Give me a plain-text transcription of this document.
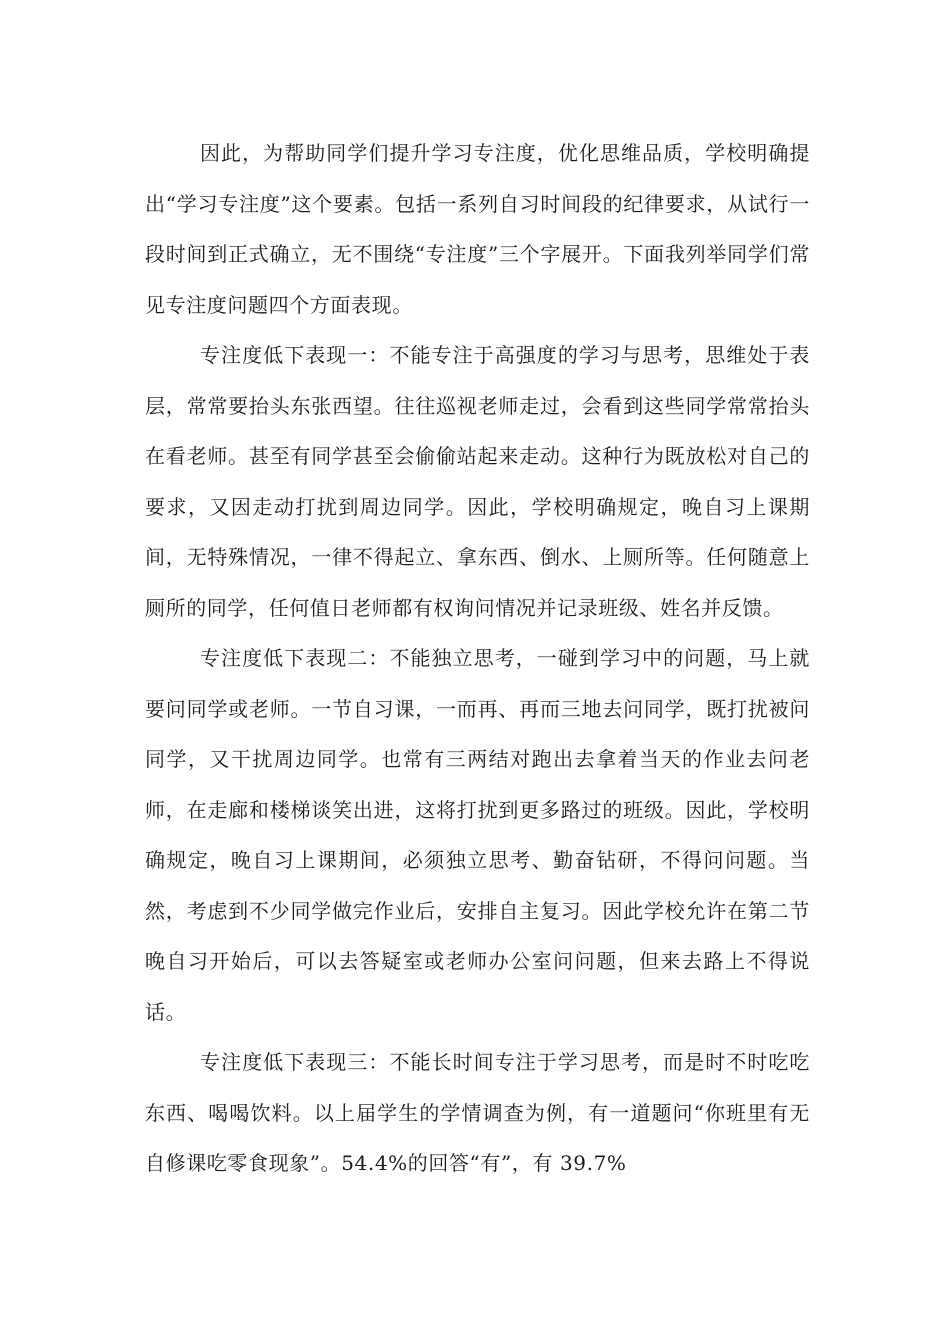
因此，为帮助同学们提升学习专注度，优化思维品质，学校明确提出“学习专注度”这个要素。包括一系列自习时间段的纪律要求，从试行一段时间到正式确立，无不围绕“专注度”三个字展开。下面我列举同学们常见专注度问题四个方面表现。

专注度低下表现一：不能专注于高强度的学习与思考，思维处于表层，常常要抬头东张西望。往往巡视老师走过，会看到这些同学常常抬头在看老师。甚至有同学甚至会偷偷站起来走动。这种行为既放松对自己的要求，又因走动打扰到周边同学。因此，学校明确规定，晚自习上课期间，无特殊情况，一律不得起立、拿东西、倒水、上厕所等。任何随意上厕所的同学，任何值日老师都有权询问情况并记录班级、姓名并反馈。

专注度低下表现二：不能独立思考，一碰到学习中的问题，马上就要问同学或老师。一节自习课，一而再、再而三地去问同学，既打扰被问同学，又干扰周边同学。也常有三两结对跑出去拿着当天的作业去问老师，在走廊和楼梯谈笑出进，这将打扰到更多路过的班级。因此，学校明确规定，晚自习上课期间，必须独立思考、勤奋钻研，不得问问题。当然，考虑到不少同学做完作业后，安排自主复习。因此学校允许在第二节晚自习开始后，可以去答疑室或老师办公室问问题，但来去路上不得说话。

专注度低下表现三：不能长时间专注于学习思考，而是时不时吃吃东西、喝喝饮料。以上届学生的学情调查为例，有一道题问“你班里有无自修课吃零食现象”。54.4%的回答“有”，有 39.7%
